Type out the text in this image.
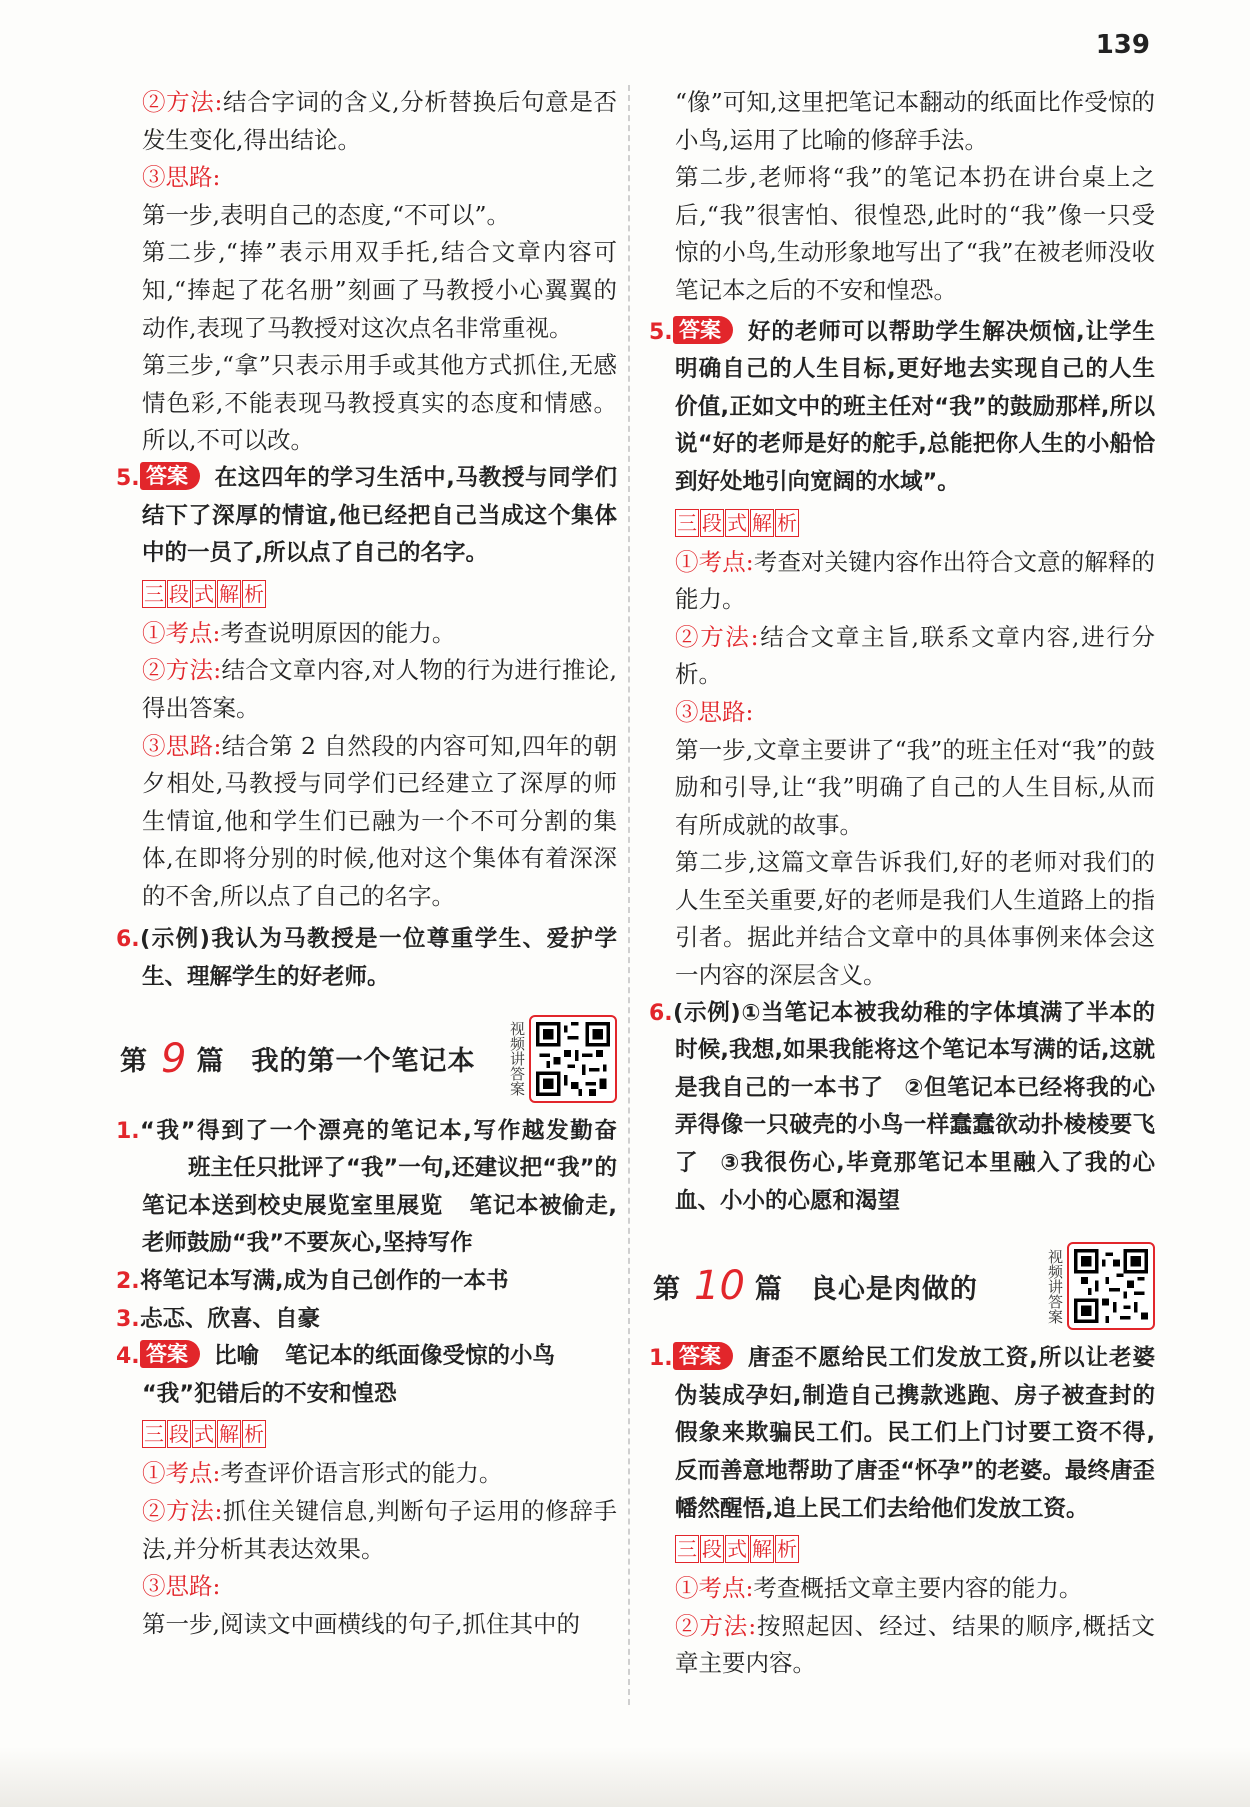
139

②方法:结合字词的含义,分析替换后句意是否发生变化,得出结论。

③思路:

第一步,表明自己的态度,“不可以”。

第二步,“捧”表示用双手托,结合文章内容可知,“捧起了花名册”刻画了马教授小心翼翼的动作,表现了马教授对这次点名非常重视。

第三步,“拿”只表示用手或其他方式抓住,无感情色彩,不能表现马教授真实的态度和情感。所以,不可以改。

5. 答案 在这四年的学习生活中,马教授与同学们结下了深厚的情谊,他已经把自己当成这个集体中的一员了,所以点了自己的名字。

三 段 式 解 析

①考点:考查说明原因的能力。

②方法:结合文章内容,对人物的行为进行推论,得出答案。

③思路:结合第 2 自然段的内容可知,四年的朝夕相处,马教授与同学们已经建立了深厚的师生情谊,他和学生们已融为一个不可分割的集体,在即将分别的时候,他对这个集体有着深深的不舍,所以点了自己的名字。

6.(示例)我认为马教授是一位尊重学生、爱护学生、理解学生的好老师。

第 9 篇 我的第一个笔记本	视频讲答案

1.“我”得到了一个漂亮的笔记本,写作越发勤奋班主任只批评了“我”一句,还建议把“我”的笔记本送到校史展览室里展览 笔记本被偷走,老师鼓励“我”不要灰心,坚持写作

2.将笔记本写满,成为自己创作的一本书

3.忐忑、欣喜、自豪

4. 答案 比喻 笔记本的纸面像受惊的小鸟
“我”犯错后的不安和惶恐

三 段 式 解 析

①考点:考查评价语言形式的能力。

②方法:抓住关键信息,判断句子运用的修辞手法,并分析其表达效果。

③思路:

第一步,阅读文中画横线的句子,抓住其中的

“像”可知,这里把笔记本翻动的纸面比作受惊的小鸟,运用了比喻的修辞手法。

第二步,老师将“我”的笔记本扔在讲台桌上之后,“我”很害怕、很惶恐,此时的“我”像一只受惊的小鸟,生动形象地写出了“我”在被老师没收笔记本之后的不安和惶恐。

5. 答案 好的老师可以帮助学生解决烦恼,让学生明确自己的人生目标,更好地去实现自己的人生价值,正如文中的班主任对“我”的鼓励那样,所以说“好的老师是好的舵手,总能把你人生的小船恰到好处地引向宽阔的水域”。

三 段 式 解 析

①考点:考查对关键内容作出符合文意的解释的能力。

②方法:结合文章主旨,联系文章内容,进行分析。

③思路:

第一步,文章主要讲了“我”的班主任对“我”的鼓励和引导,让“我”明确了自己的人生目标,从而有所成就的故事。

第二步,这篇文章告诉我们,好的老师对我们的人生至关重要,好的老师是我们人生道路上的指引者。据此并结合文章中的具体事例来体会这一内容的深层含义。

6.(示例)①当笔记本被我幼稚的字体填满了半本的时候,我想,如果我能将这个笔记本写满的话,这就是我自己的一本书了 ②但笔记本已经将我的心弄得像一只破壳的小鸟一样蠢蠢欲动扑棱棱要飞了 ③我很伤心,毕竟那笔记本里融入了我的心血、小小的心愿和渴望

第 10 篇 良心是肉做的	视频讲答案

1. 答案 唐歪不愿给民工们发放工资,所以让老婆伪装成孕妇,制造自己携款逃跑、房子被查封的假象来欺骗民工们。民工们上门讨要工资不得,反而善意地帮助了唐歪“怀孕”的老婆。最终唐歪幡然醒悟,追上民工们去给他们发放工资。

三 段 式 解 析

①考点:考查概括文章主要内容的能力。

②方法:按照起因、经过、结果的顺序,概括文章主要内容。
